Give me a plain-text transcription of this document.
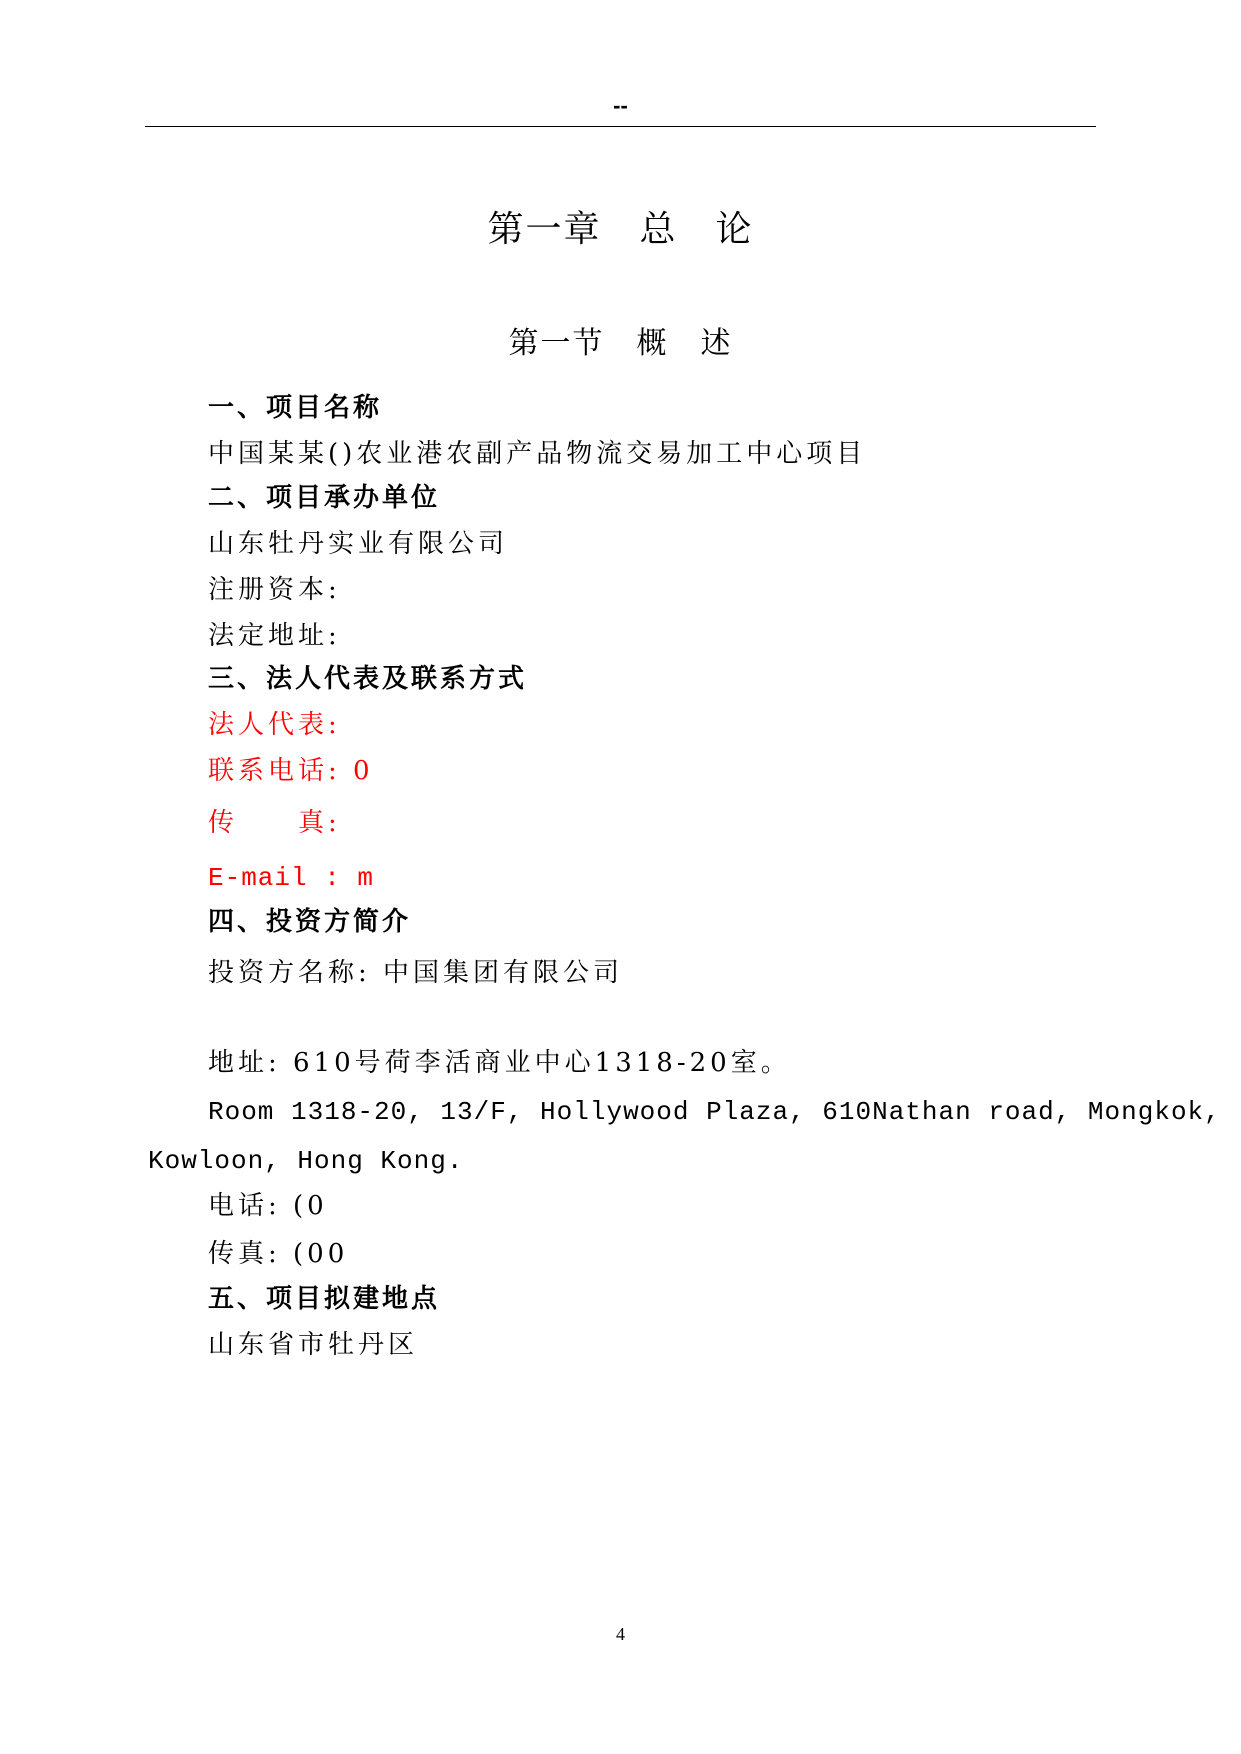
--
第一章　总　论
第一节　概　述
一、项目名称
中国某某()农业港农副产品物流交易加工中心项目
二、项目承办单位
山东牡丹实业有限公司
注册资本:
法定地址:
三、法人代表及联系方式
法人代表:
联系电话: 0
传　　真:
E-mail : m
四、投资方简介
投资方名称: 中国集团有限公司
地址: 610号荷李活商业中心1318-20室。
Room 1318-20, 13/F, Hollywood Plaza, 610Nathan road, Mongkok,
Kowloon, Hong Kong.
电话: (0
传真: (00
五、项目拟建地点
山东省市牡丹区
4
